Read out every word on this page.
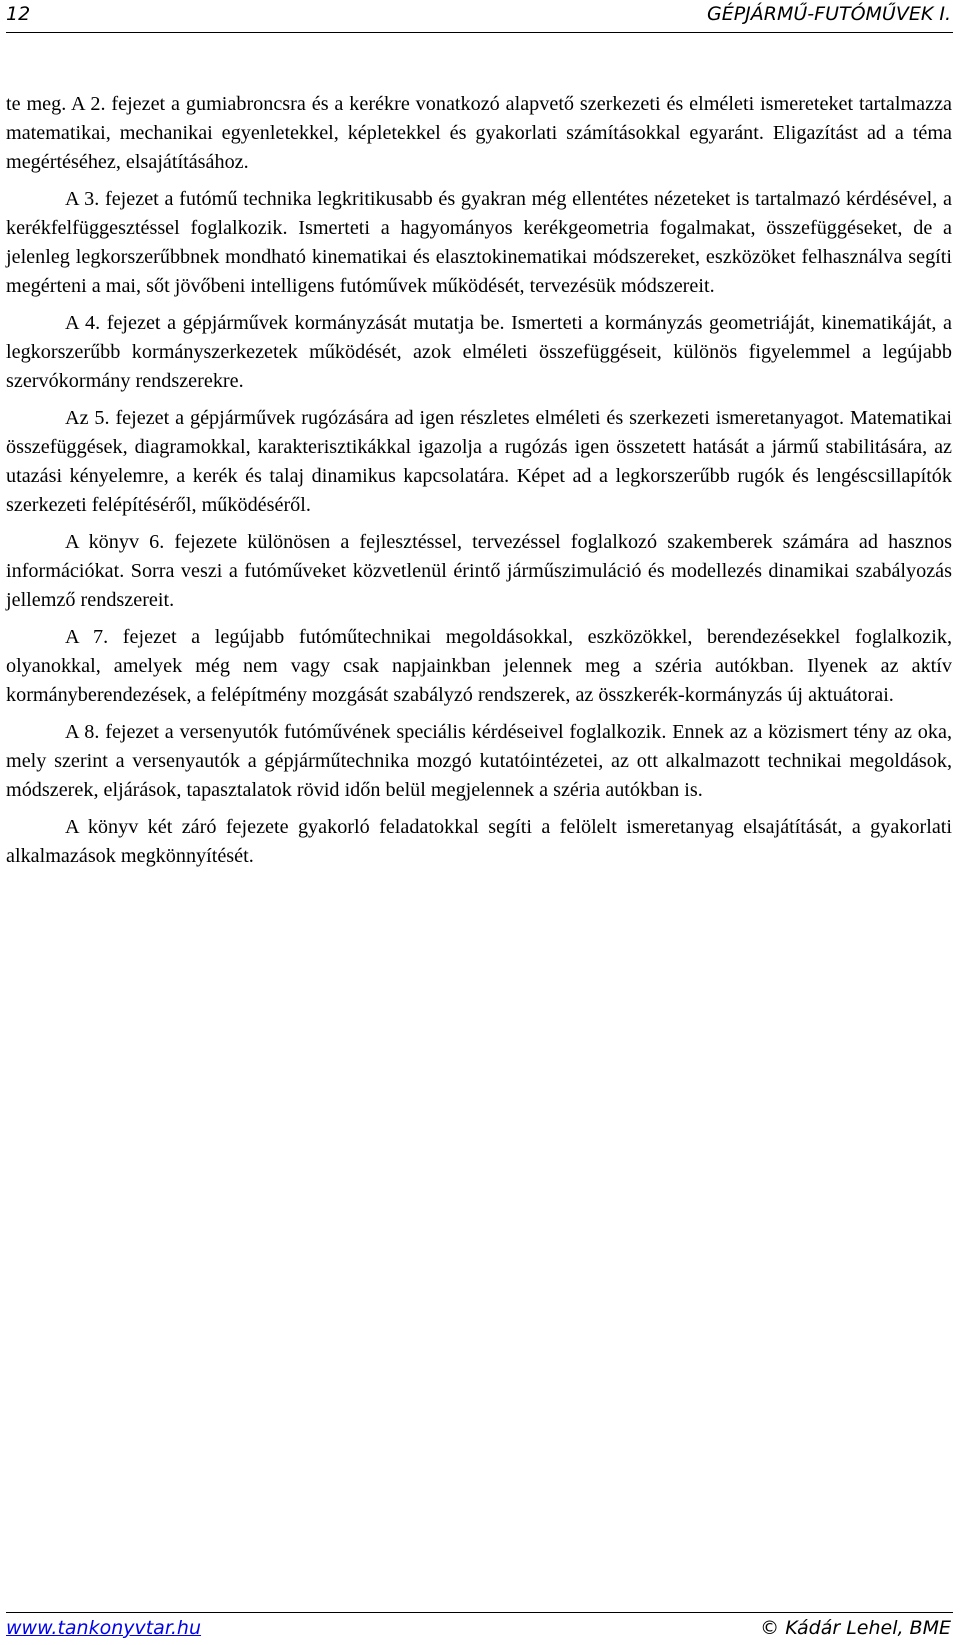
12	GÉPJÁRMŰ-FUTÓMŰVEK I.

te meg. A 2. fejezet a gumiabroncsra és a kerékre vonatkozó alapvető szerkezeti és elméleti ismereteket tartalmazza matematikai, mechanikai egyenletekkel, képletekkel és gyakorlati számításokkal egyaránt. Eligazítást ad a téma megértéséhez, elsajátításához.

A 3. fejezet a futómű technika legkritikusabb és gyakran még ellentétes nézeteket is tartalmazó kérdésével, a kerékfelfüggesztéssel foglalkozik. Ismerteti a hagyományos kerékgeometria fogalmakat, összefüggéseket, de a jelenleg legkorszerűbbnek mondható kinematikai és elasztokinematikai módszereket, eszközöket felhasználva segíti megérteni a mai, sőt jövőbeni intelligens futóművek működését, tervezésük módszereit.

A 4. fejezet a gépjárművek kormányzását mutatja be. Ismerteti a kormányzás geometriáját, kinematikáját, a legkorszerűbb kormányszerkezetek működését, azok elméleti összefüggéseit, különös figyelemmel a legújabb szervókormány rendszerekre.

Az 5. fejezet a gépjárművek rugózására ad igen részletes elméleti és szerkezeti ismeretanyagot. Matematikai összefüggések, diagramokkal, karakterisztikákkal igazolja a rugózás igen összetett hatását a jármű stabilitására, az utazási kényelemre, a kerék és talaj dinamikus kapcsolatára. Képet ad a legkorszerűbb rugók és lengéscsillapítók szerkezeti felépítéséről, működéséről.

A könyv 6. fejezete különösen a fejlesztéssel, tervezéssel foglalkozó szakemberek számára ad hasznos információkat. Sorra veszi a futóműveket közvetlenül érintő járműszimuláció és modellezés dinamikai szabályozás jellemző rendszereit.

A 7. fejezet a legújabb futóműtechnikai megoldásokkal, eszközökkel, berendezésekkel foglalkozik, olyanokkal, amelyek még nem vagy csak napjainkban jelennek meg a széria autókban. Ilyenek az aktív kormányberendezések, a felépítmény mozgását szabályzó rendszerek, az összkerék-kormányzás új aktuátorai.

A 8. fejezet a versenyutók futóművének speciális kérdéseivel foglalkozik. Ennek az a közismert tény az oka, mely szerint a versenyautók a gépjárműtechnika mozgó kutatóintézetei, az ott alkalmazott technikai megoldások, módszerek, eljárások, tapasztalatok rövid időn belül megjelennek a széria autókban is.

A könyv két záró fejezete gyakorló feladatokkal segíti a felölelt ismeretanyag elsajátítását, a gyakorlati alkalmazások megkönnyítését.

www.tankonyvtar.hu	© Kádár Lehel, BME
